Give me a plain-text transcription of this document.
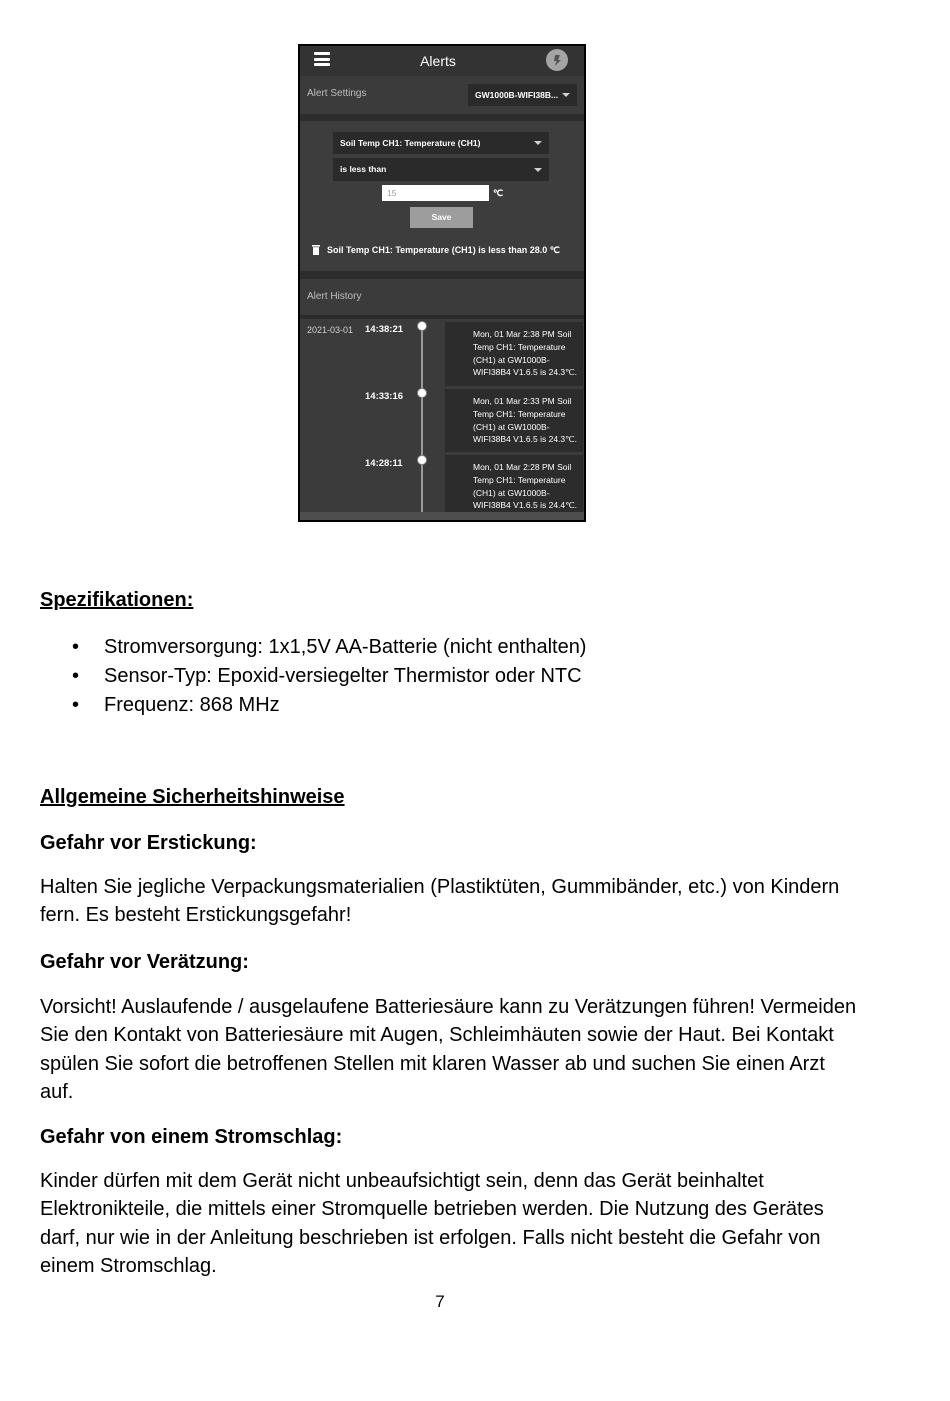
Alerts
Alert Settings	GW1000B-WIFI38B...
Soil Temp CH1: Temperature (CH1)
is less than
15	℃
Save
Soil Temp CH1: Temperature (CH1) is less than 28.0 ℃
Alert History
2021-03-01 14:38:21	Mon, 01 Mar 2:38 PM Soil Temp CH1: Temperature (CH1) at GW1000B-WIFI38B4 V1.6.5 is 24.3℃.
14:33:16	Mon, 01 Mar 2:33 PM Soil Temp CH1: Temperature (CH1) at GW1000B-WIFI38B4 V1.6.5 is 24.3℃.
14:28:11	Mon, 01 Mar 2:28 PM Soil Temp CH1: Temperature (CH1) at GW1000B-WIFI38B4 V1.6.5 is 24.4℃.
Spezifikationen:
• Stromversorgung: 1x1,5V AA-Batterie (nicht enthalten)
• Sensor-Typ: Epoxid-versiegelter Thermistor oder NTC
• Frequenz: 868 MHz
Allgemeine Sicherheitshinweise
Gefahr vor Erstickung:
Halten Sie jegliche Verpackungsmaterialien (Plastiktüten, Gummibänder, etc.) von Kindern fern. Es besteht Erstickungsgefahr!
Gefahr vor Verätzung:
Vorsicht! Auslaufende / ausgelaufene Batteriesäure kann zu Verätzungen führen! Vermeiden Sie den Kontakt von Batteriesäure mit Augen, Schleimhäuten sowie der Haut. Bei Kontakt spülen Sie sofort die betroffenen Stellen mit klaren Wasser ab und suchen Sie einen Arzt auf.
Gefahr von einem Stromschlag:
Kinder dürfen mit dem Gerät nicht unbeaufsichtigt sein, denn das Gerät beinhaltet Elektronikteile, die mittels einer Stromquelle betrieben werden. Die Nutzung des Gerätes darf, nur wie in der Anleitung beschrieben ist erfolgen. Falls nicht besteht die Gefahr von einem Stromschlag.
7
